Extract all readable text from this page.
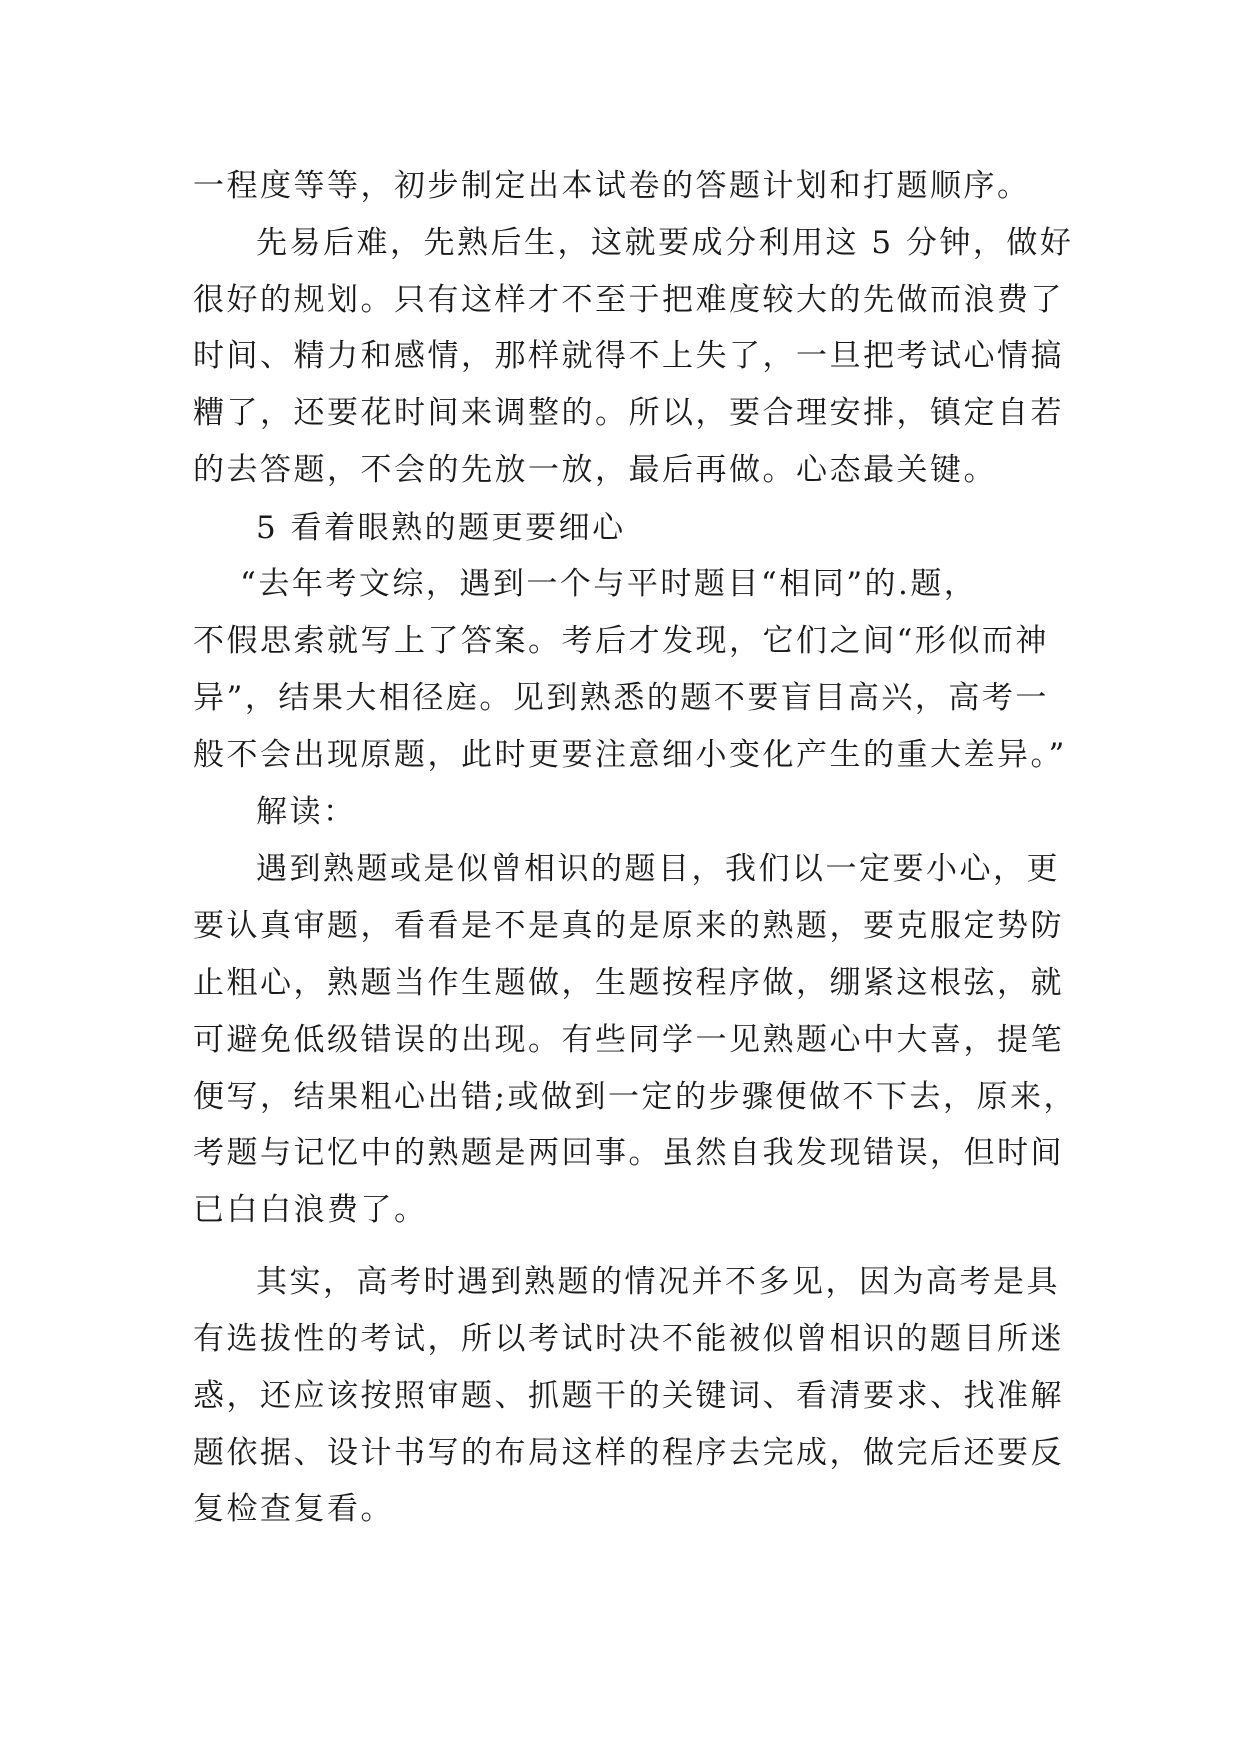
一程度等等，初步制定出本试卷的答题计划和打题顺序。
先易后难，先熟后生，这就要成分利用这 5 分钟，做好
很好的规划。只有这样才不至于把难度较大的先做而浪费了
时间、精力和感情，那样就得不上失了，一旦把考试心情搞
糟了，还要花时间来调整的。所以，要合理安排，镇定自若
的去答题，不会的先放一放，最后再做。心态最关键。
5 看着眼熟的题更要细心
“去年考文综，遇到一个与平时题目“相同”的.题，
不假思索就写上了答案。考后才发现，它们之间“形似而神
异”，结果大相径庭。见到熟悉的题不要盲目高兴，高考一
般不会出现原题，此时更要注意细小变化产生的重大差异。”
解读：
遇到熟题或是似曾相识的题目，我们以一定要小心，更
要认真审题，看看是不是真的是原来的熟题，要克服定势防
止粗心，熟题当作生题做，生题按程序做，绷紧这根弦，就
可避免低级错误的出现。有些同学一见熟题心中大喜，提笔
便写，结果粗心出错;或做到一定的步骤便做不下去，原来，
考题与记忆中的熟题是两回事。虽然自我发现错误，但时间
已白白浪费了。
其实，高考时遇到熟题的情况并不多见，因为高考是具
有选拔性的考试，所以考试时决不能被似曾相识的题目所迷
惑，还应该按照审题、抓题干的关键词、看清要求、找准解
题依据、设计书写的布局这样的程序去完成，做完后还要反
复检查复看。
